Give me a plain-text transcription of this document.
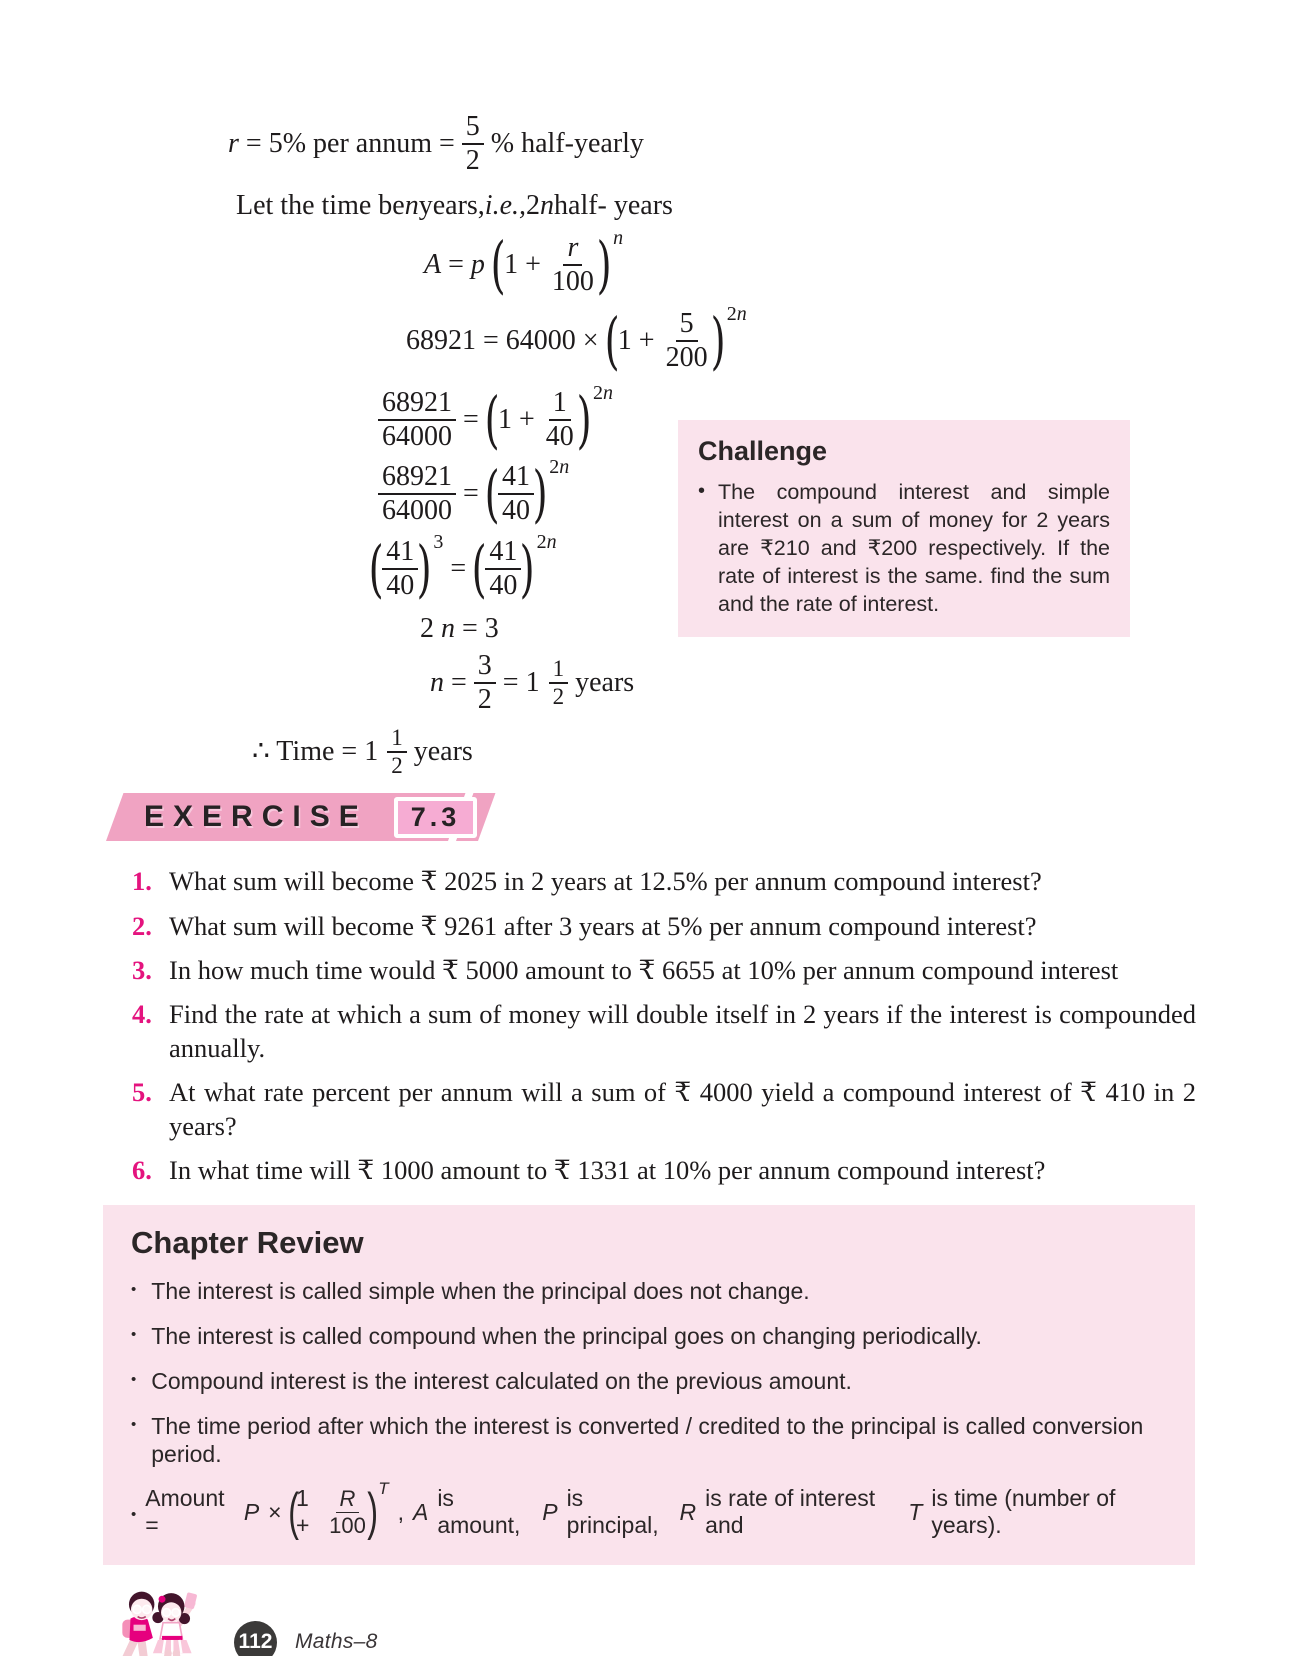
r = 5% per annum = $\frac{5}{2}$ % half-yearly
Let the time be n years, i.e., 2 n half- years
A = p (
$1 + \frac{r}{100}$
) n
68921 = 64000 × (
$1 + \frac{5}{200}$
) 2 n
$\frac{68921}{64000}$ = (
$1 + \frac{1}{40}$
) 2 n
$\frac{68921}{64000}$ = (
$\frac{41}{40}$
) 2 n
(
$\frac{41}{40}$
) 3
= (
$\frac{41}{40}$
) 2 n
2 n = 3
$n = \frac{3}{2} = 1 \frac{1}{2}$ years
∴ Time = $1 \frac{1}{2}$ years
Challenge
• The compound interest and simple interest on a sum of money for 2 years are ₹210 and ₹200 respectively. If the rate of interest is the same. find the sum and the rate of interest.

EXERCISE	7.3
1. What sum will become ₹ 2025 in 2 years at 12.5% per annum compound interest?
2. What sum will become ₹ 9261 after 3 years at 5% per annum compound interest?
3. In how much time would ₹ 5000 amount to ₹ 6655 at 10% per annum compound interest
4. Find the rate at which a sum of money will double itself in 2 years if the interest is compounded annually.
5. At what rate percent per annum will a sum of ₹ 4000 yield a compound interest of ₹ 410 in 2 years?
6. In what time will ₹ 1000 amount to ₹ 1331 at 10% per annum compound interest?
Chapter Review
• The interest is called simple when the principal does not change.
• The interest is called compound when the principal goes on changing periodically.
• Compound interest is the interest calculated on the previous amount.
• The time period after which the interest is converted / credited to the principal is called conversion period.
•
Amount =
P × (
$1 + \frac{R}{100}$
) T
, A
is amount,
P
is principal,
R
is rate of interest and
T
is time (number of years).
112 Maths–8
